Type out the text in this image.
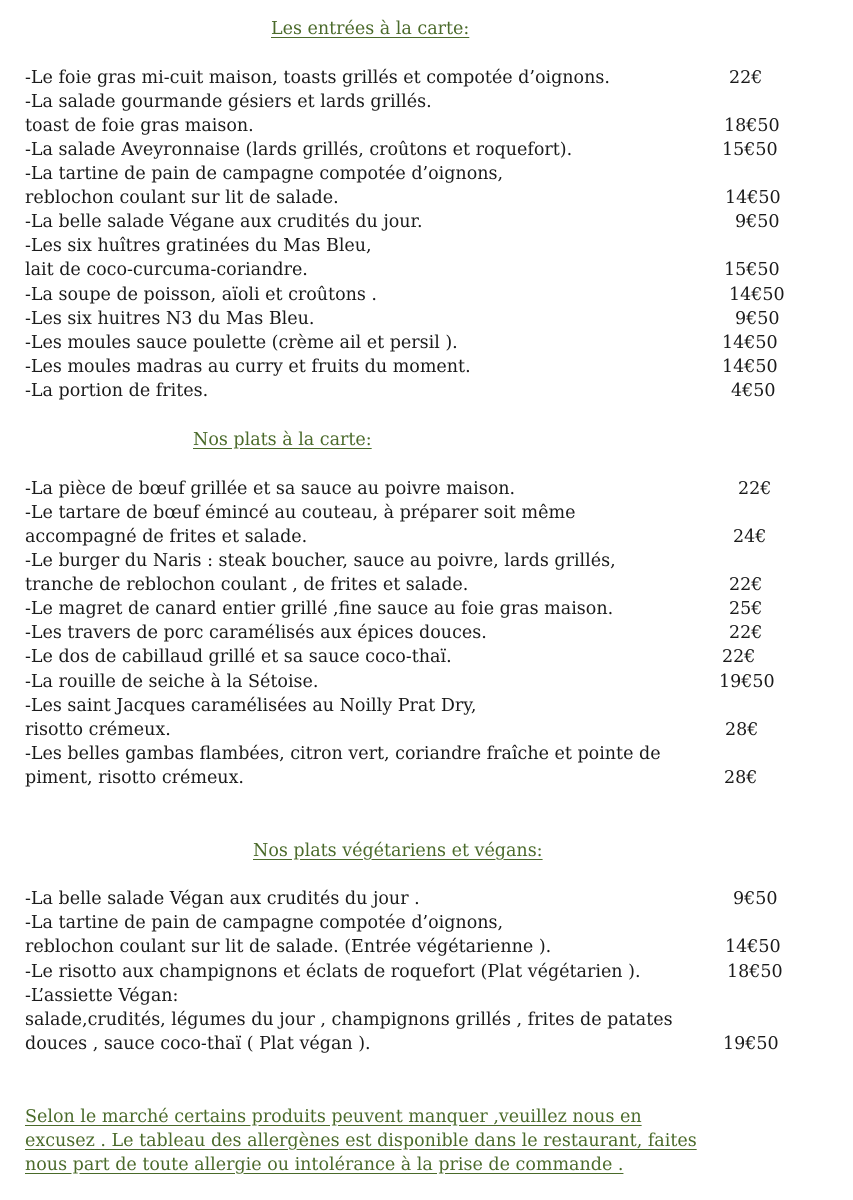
Les entrées à la carte:
-Le foie gras mi-cuit maison, toasts grillés et compotée d’oignons.	22€
-La salade gourmande gésiers et lards grillés.
toast de foie gras maison.	18€50
-La salade Aveyronnaise (lards grillés, croûtons et roquefort).	15€50
-La tartine de pain de campagne compotée d’oignons,
reblochon coulant sur lit de salade.	14€50
-La belle salade Végane aux crudités du jour.	9€50
-Les six huîtres gratinées du Mas Bleu,
lait de coco-curcuma-coriandre.	15€50
-La soupe de poisson, aïoli et croûtons .	14€50
-Les six huitres N3 du Mas Bleu.	9€50
-Les moules sauce poulette (crème ail et persil ).	14€50
-Les moules madras au curry et fruits du moment.	14€50
-La portion de frites.	4€50
Nos plats à la carte:
-La pièce de bœuf grillée et sa sauce au poivre maison.	22€
-Le tartare de bœuf émincé au couteau, à préparer soit même
accompagné de frites et salade.	24€
-Le burger du Naris : steak boucher, sauce au poivre, lards grillés,
tranche de reblochon coulant , de frites et salade.	22€
-Le magret de canard entier grillé ,fine sauce au foie gras maison.	25€
-Les travers de porc caramélisés aux épices douces.	22€
-Le dos de cabillaud grillé et sa sauce coco-thaï.	22€
-La rouille de seiche à la Sétoise.	19€50
-Les saint Jacques caramélisées au Noilly Prat Dry,
risotto crémeux.	28€
-Les belles gambas flambées, citron vert, coriandre fraîche et pointe de
piment, risotto crémeux.	28€
Nos plats végétariens et végans:
-La belle salade Végan aux crudités du jour .	9€50
-La tartine de pain de campagne compotée d’oignons,
reblochon coulant sur lit de salade. (Entrée végétarienne ).	14€50
-Le risotto aux champignons et éclats de roquefort (Plat végétarien ).	18€50
-L’assiette Végan:
salade,crudités, légumes du jour , champignons grillés , frites de patates
douces , sauce coco-thaï ( Plat végan ).	19€50
Selon le marché certains produits peuvent manquer ,veuillez nous en
excusez . Le tableau des allergènes est disponible dans le restaurant, faites
nous part de toute allergie ou intolérance à la prise de commande .
